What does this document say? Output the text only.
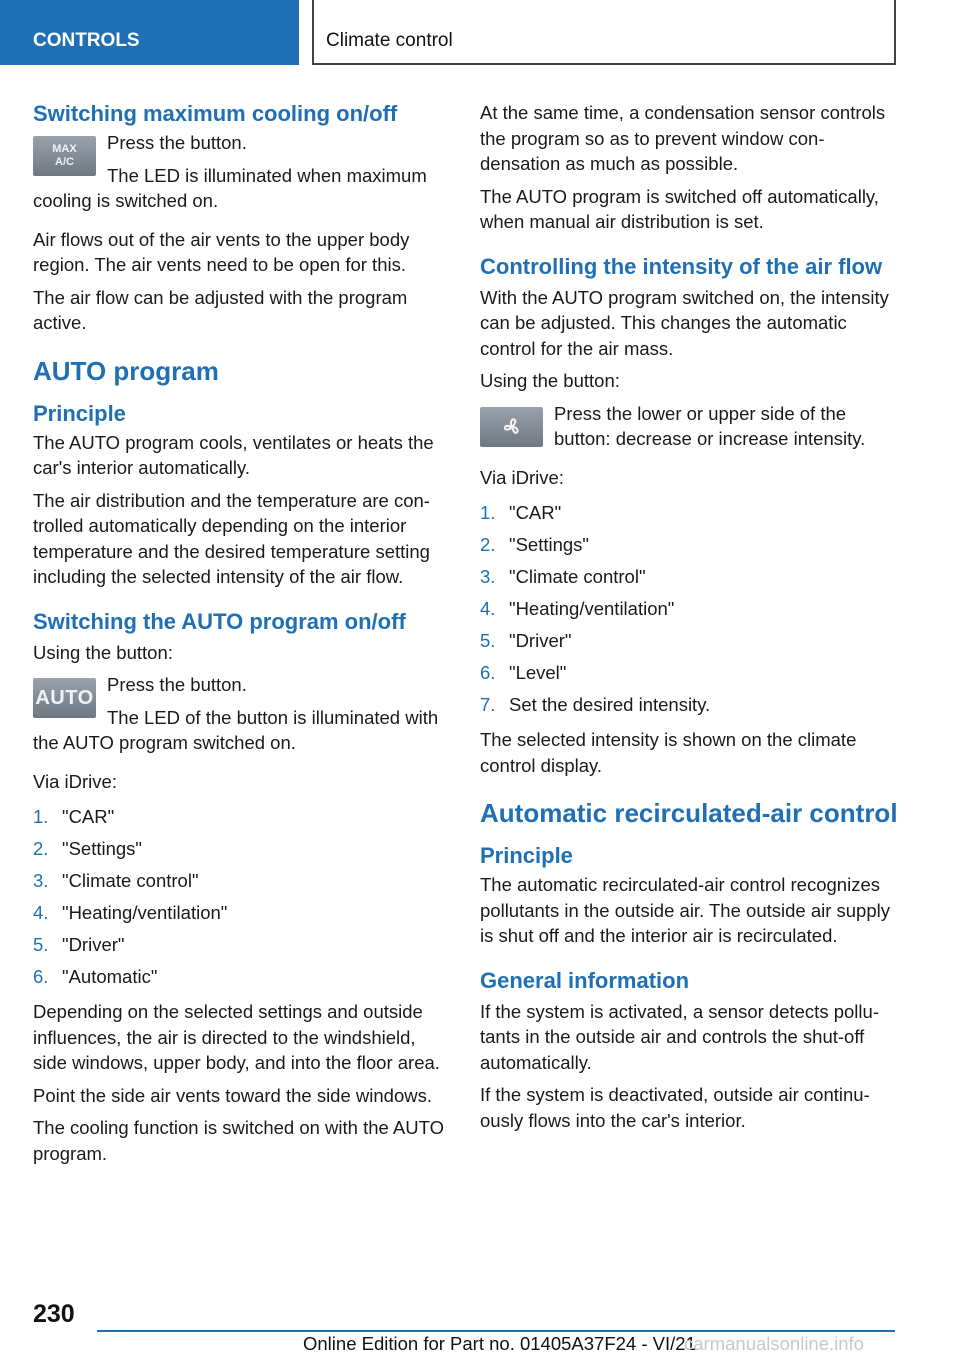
CONTROLS	Climate control
Switching maximum cooling on/off
MAX
A/C

Press the button.

The LED is illuminated when maximum cooling is switched on.

Air flows out of the air vents to the upper body region. The air vents need to be open for this.

The air flow can be adjusted with the program active.

AUTO program
Principle

The AUTO program cools, ventilates or heats the car's interior automatically.

The air distribution and the temperature are controlled automatically depending on the interior temperature and the desired temperature setting including the selected intensity of the air flow.

Switching the AUTO program on/off

Using the button:

AUTO

Press the button.

The LED of the button is illuminated with the AUTO program switched on.

Via iDrive:

1. "CAR"
2. "Settings"
3. "Climate control"
4. "Heating/ventilation"
5. "Driver"
6. "Automatic"

Depending on the selected settings and outside influences, the air is directed to the windshield, side windows, upper body, and into the floor area.

Point the side air vents toward the side windows.

The cooling function is switched on with the AUTO program.

At the same time, a condensation sensor controls the program so as to prevent window condensation as much as possible.

The AUTO program is switched off automatically, when manual air distribution is set.

Controlling the intensity of the air flow

With the AUTO program switched on, the intensity can be adjusted. This changes the automatic control for the air mass.

Using the button:

Press the lower or upper side of the button: decrease or increase intensity.

Via iDrive:

1. "CAR"
2. "Settings"
3. "Climate control"
4. "Heating/ventilation"
5. "Driver"
6. "Level"
7. Set the desired intensity.

The selected intensity is shown on the climate control display.

Automatic recirculated-air control
Principle

The automatic recirculated-air control recognizes pollutants in the outside air. The outside air supply is shut off and the interior air is recirculated.

General information

If the system is activated, a sensor detects pollutants in the outside air and controls the shut-off automatically.

If the system is deactivated, outside air continuously flows into the car's interior.

230
Online Edition for Part no. 01405A37F24 - VI/21
carmanualsonline.info
